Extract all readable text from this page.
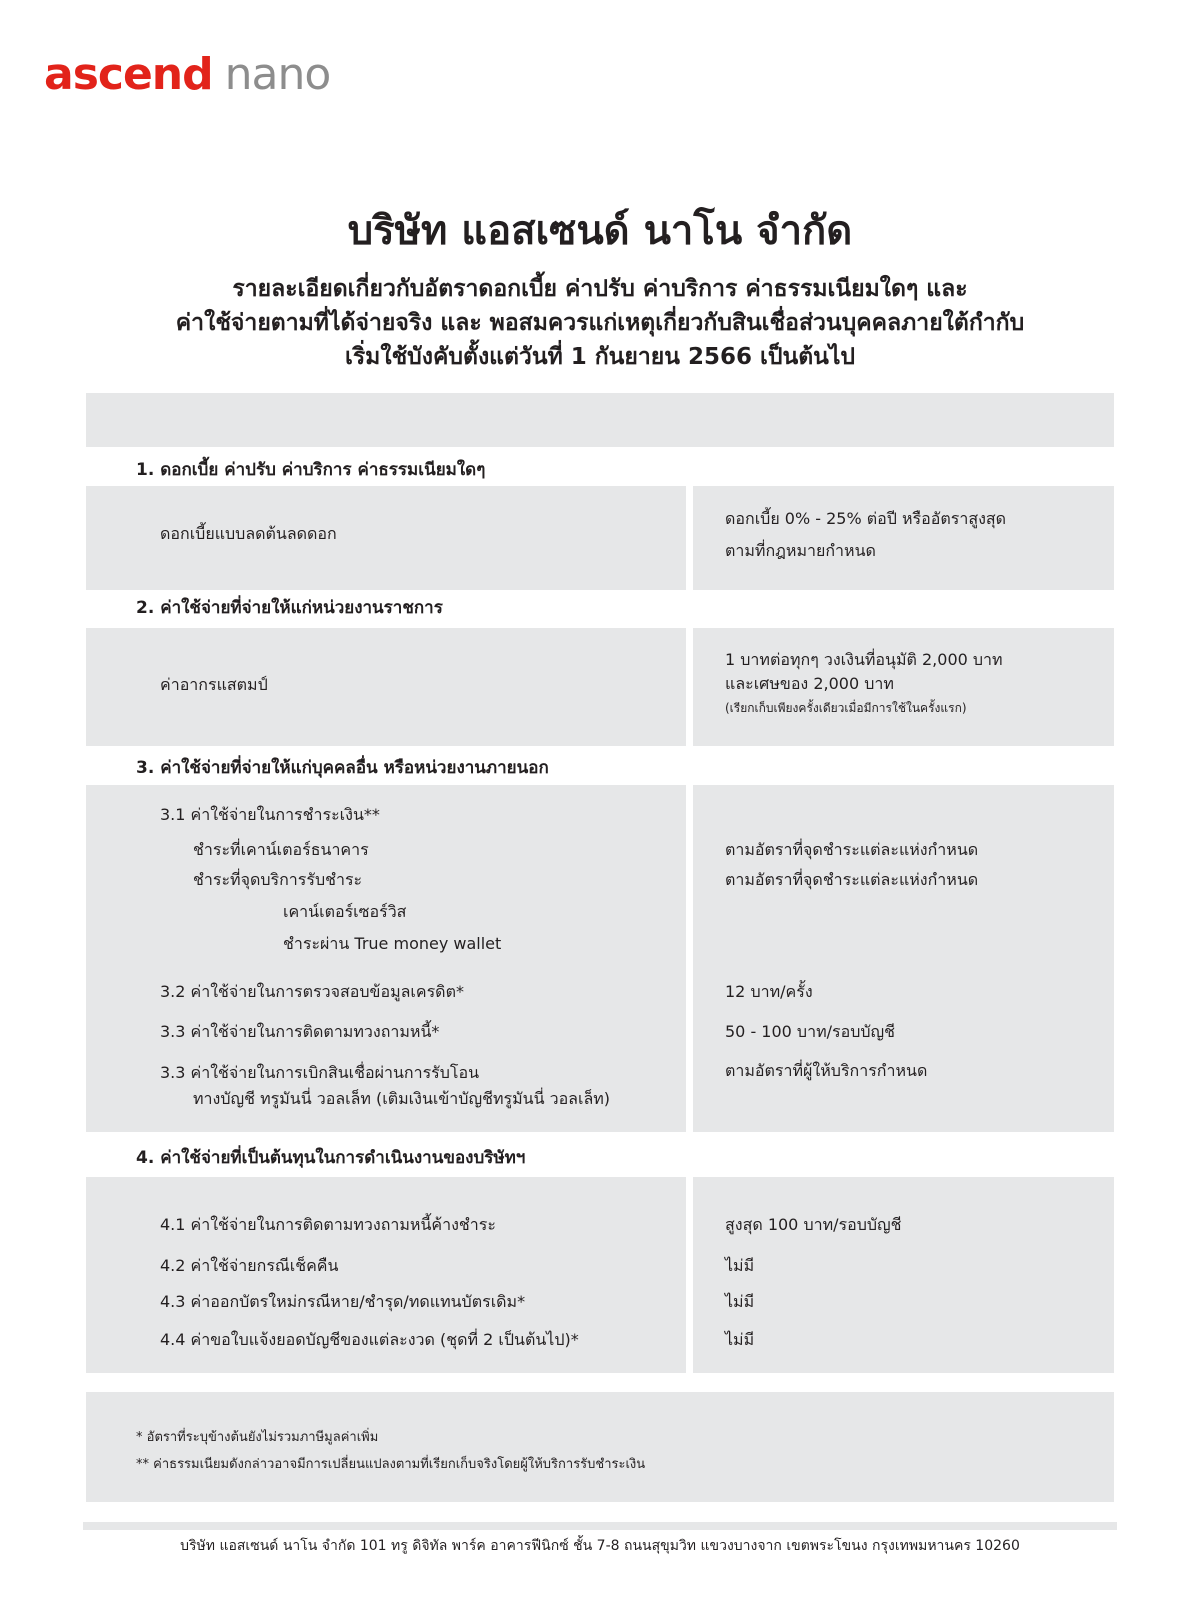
ascend nano
บริษัท แอสเซนด์ นาโน จำกัด
รายละเอียดเกี่ยวกับอัตราดอกเบี้ย ค่าปรับ ค่าบริการ ค่าธรรมเนียมใดๆ และ
ค่าใช้จ่ายตามที่ได้จ่ายจริง และ พอสมควรแก่เหตุเกี่ยวกับสินเชื่อส่วนบุคคลภายใต้กำกับ
เริ่มใช้บังคับตั้งแต่วันที่ 1 กันยายน 2566 เป็นต้นไป
1. ดอกเบี้ย ค่าปรับ ค่าบริการ ค่าธรรมเนียมใดๆ
ดอกเบี้ยแบบลดต้นลดดอก
ดอกเบี้ย 0% - 25% ต่อปี หรืออัตราสูงสุด
ตามที่กฎหมายกำหนด
2. ค่าใช้จ่ายที่จ่ายให้แก่หน่วยงานราชการ
ค่าอากรแสตมป์
1 บาทต่อทุกๆ วงเงินที่อนุมัติ 2,000 บาท
และเศษของ 2,000 บาท
(เรียกเก็บเพียงครั้งเดียวเมื่อมีการใช้ในครั้งแรก)
3. ค่าใช้จ่ายที่จ่ายให้แก่บุคคลอื่น หรือหน่วยงานภายนอก
3.1 ค่าใช้จ่ายในการชำระเงิน**
ชำระที่เคาน์เตอร์ธนาคาร
ชำระที่จุดบริการรับชำระ
เคาน์เตอร์เซอร์วิส
ชำระผ่าน True money wallet
3.2 ค่าใช้จ่ายในการตรวจสอบข้อมูลเครดิต*
3.3 ค่าใช้จ่ายในการติดตามทวงถามหนี้*
3.3 ค่าใช้จ่ายในการเบิกสินเชื่อผ่านการรับโอน
ทางบัญชี ทรูมันนี่ วอลเล็ท (เติมเงินเข้าบัญชีทรูมันนี่ วอลเล็ท)
ตามอัตราที่จุดชำระแต่ละแห่งกำหนด
ตามอัตราที่จุดชำระแต่ละแห่งกำหนด
12 บาท/ครั้ง
50 - 100 บาท/รอบบัญชี
ตามอัตราที่ผู้ให้บริการกำหนด
4. ค่าใช้จ่ายที่เป็นต้นทุนในการดำเนินงานของบริษัทฯ
4.1 ค่าใช้จ่ายในการติดตามทวงถามหนี้ค้างชำระ
4.2 ค่าใช้จ่ายกรณีเช็คคืน
4.3 ค่าออกบัตรใหม่กรณีหาย/ชำรุด/ทดแทนบัตรเดิม*
4.4 ค่าขอใบแจ้งยอดบัญชีของแต่ละงวด (ชุดที่ 2 เป็นต้นไป)*
สูงสุด 100 บาท/รอบบัญชี
ไม่มี
ไม่มี
ไม่มี
* อัตราที่ระบุข้างต้นยังไม่รวมภาษีมูลค่าเพิ่ม
** ค่าธรรมเนียมดังกล่าวอาจมีการเปลี่ยนแปลงตามที่เรียกเก็บจริงโดยผู้ให้บริการรับชำระเงิน
บริษัท แอสเซนด์ นาโน จำกัด 101 ทรู ดิจิทัล พาร์ค อาคารฟีนิกซ์ ชั้น 7-8 ถนนสุขุมวิท แขวงบางจาก เขตพระโขนง กรุงเทพมหานคร 10260
